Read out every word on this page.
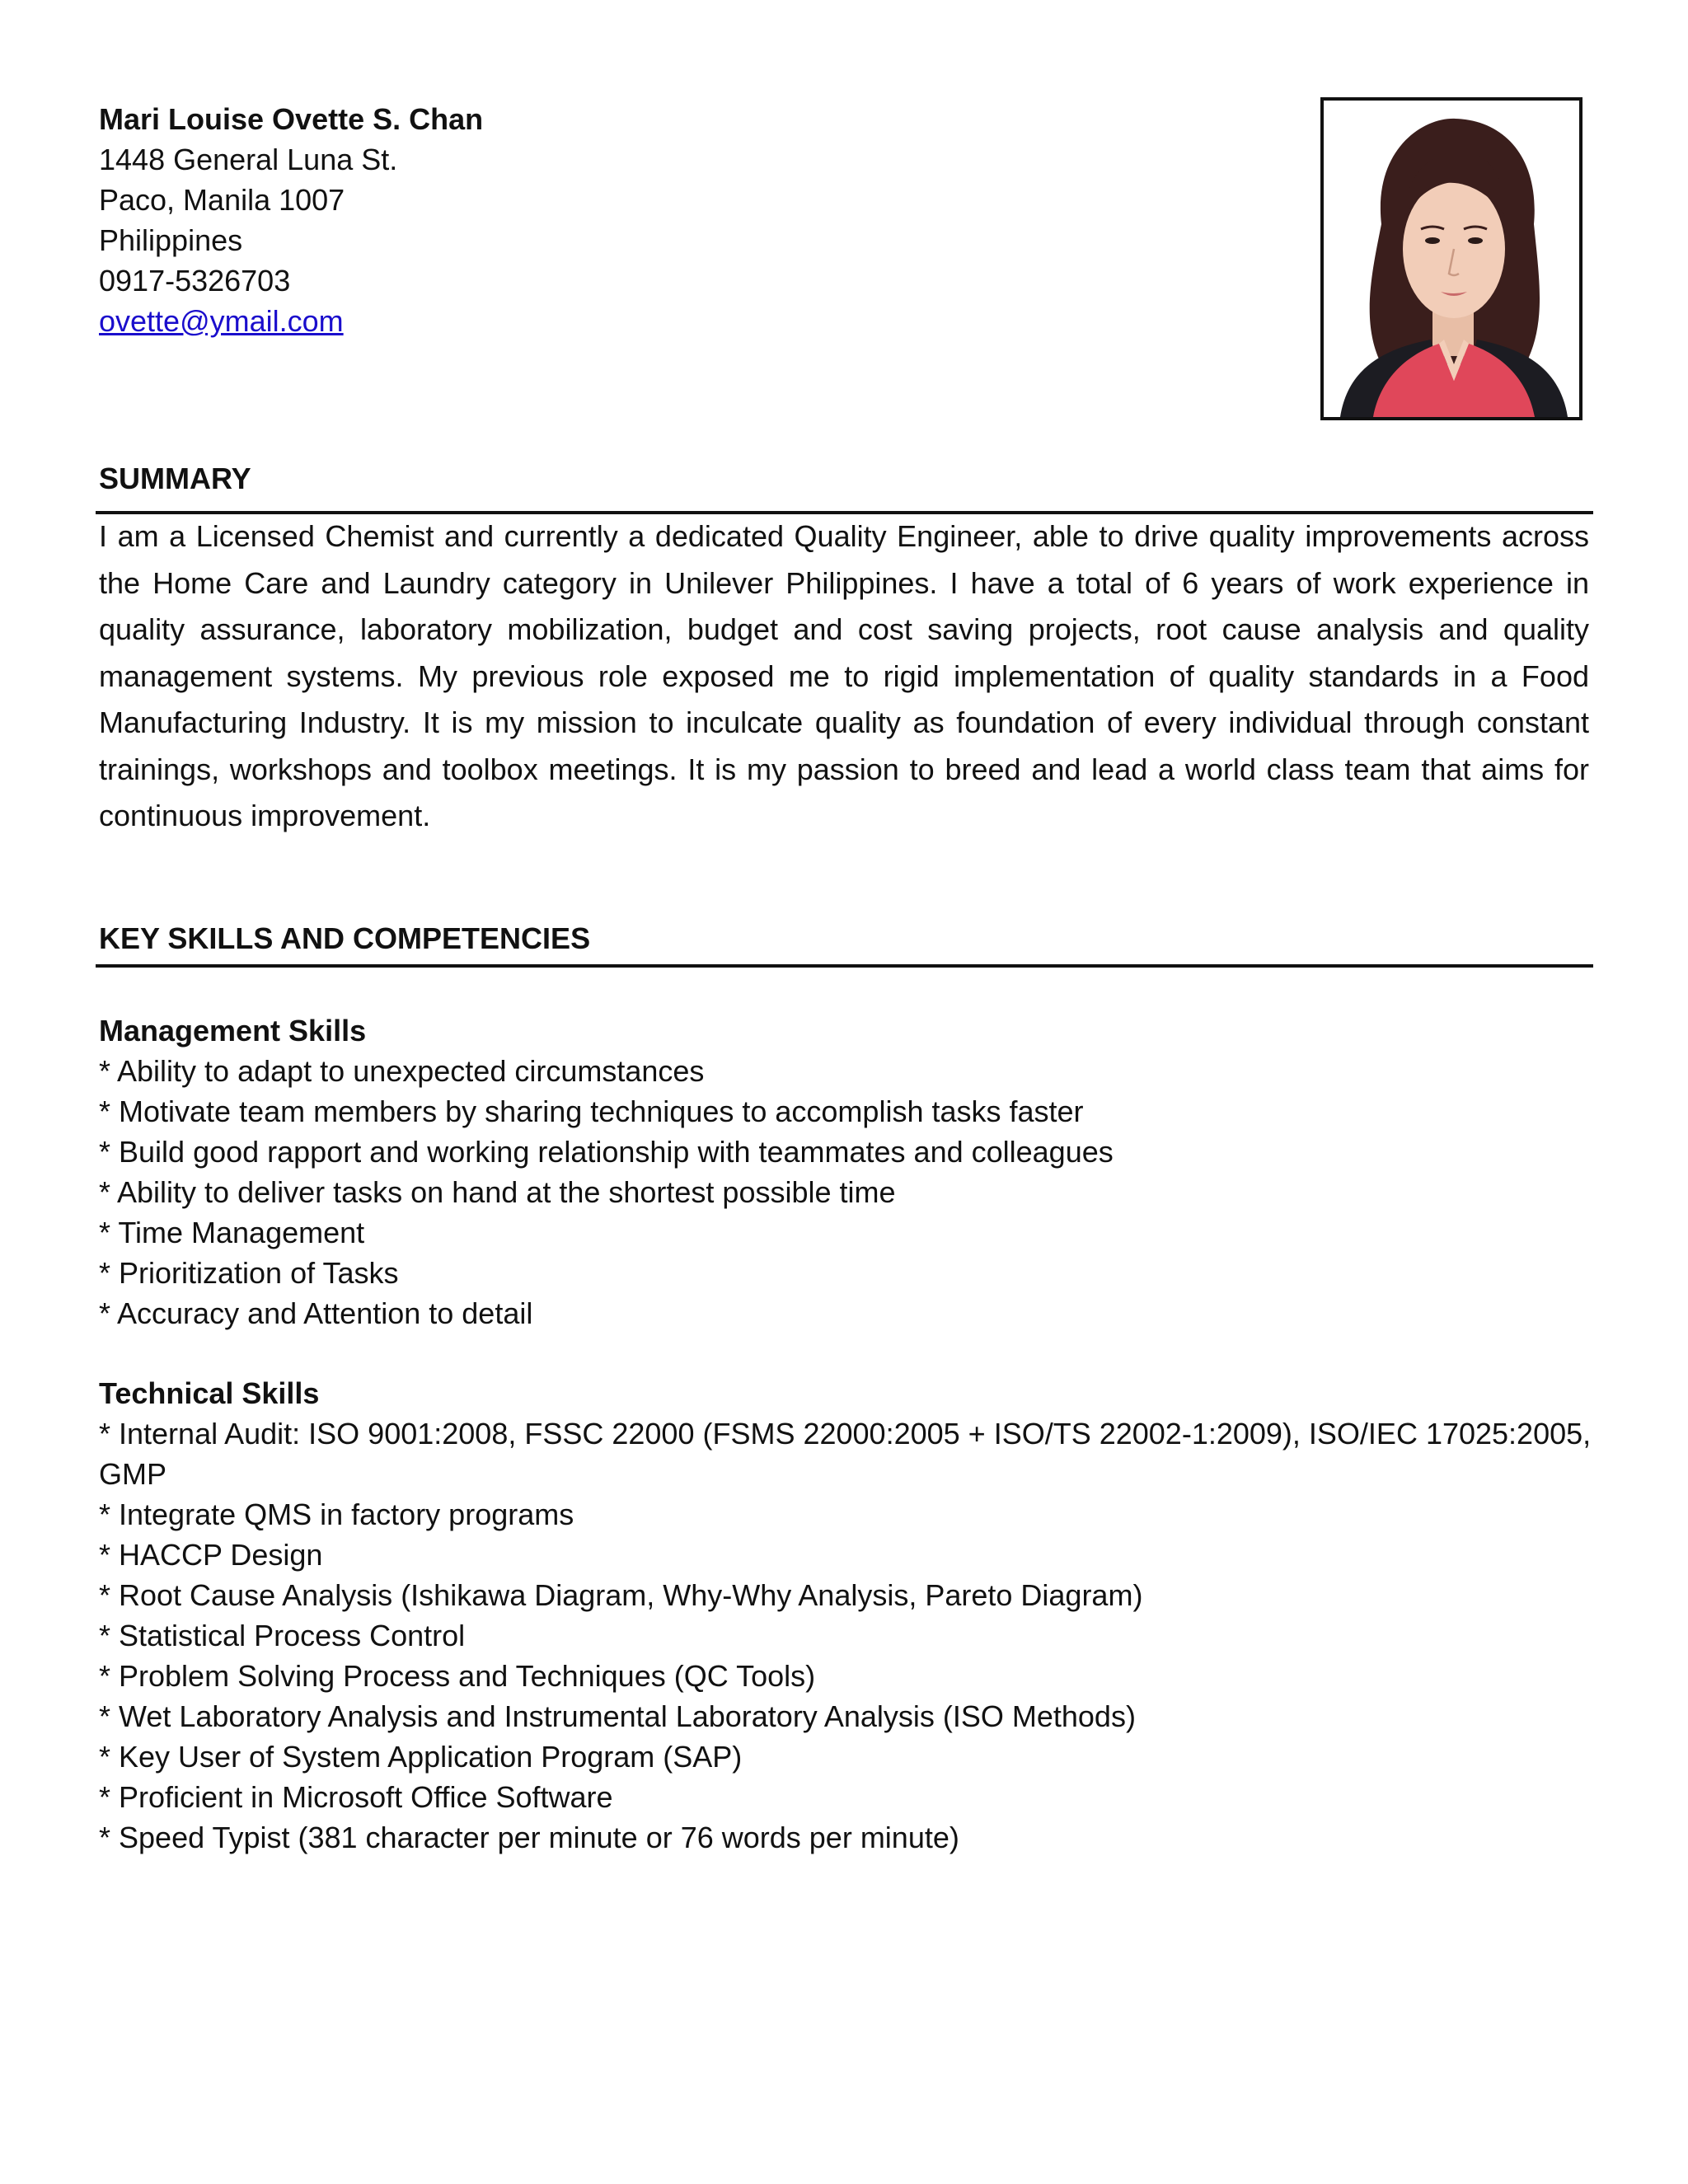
Mari Louise Ovette S. Chan
1448 General Luna St.
Paco, Manila 1007
Philippines
0917-5326703
ovette@ymail.com
SUMMARY
I am a Licensed Chemist and currently a dedicated Quality Engineer, able to drive quality improvements across the Home Care and Laundry category in Unilever Philippines. I have a total of 6 years of work experience in quality assurance, laboratory mobilization, budget and cost saving projects, root cause analysis and quality management systems. My previous role exposed me to rigid implementation of quality standards in a Food Manufacturing Industry. It is my mission to inculcate quality as foundation of every individual through constant trainings, workshops and toolbox meetings. It is my passion to breed and lead a world class team that aims for continuous improvement.
KEY SKILLS AND COMPETENCIES
Management Skills
* Ability to adapt to unexpected circumstances
* Motivate team members by sharing techniques to accomplish tasks faster
* Build good rapport and working relationship with teammates and colleagues
* Ability to deliver tasks on hand at the shortest possible time
* Time Management
* Prioritization of Tasks
* Accuracy and Attention to detail
Technical Skills
* Internal Audit: ISO 9001:2008, FSSC 22000 (FSMS 22000:2005 + ISO/TS 22002-1:2009), ISO/IEC 17025:2005, GMP
* Integrate QMS in factory programs
* HACCP Design
* Root Cause Analysis (Ishikawa Diagram, Why-Why Analysis, Pareto Diagram)
* Statistical Process Control
* Problem Solving Process and Techniques (QC Tools)
* Wet Laboratory Analysis and Instrumental Laboratory Analysis (ISO Methods)
* Key User of System Application Program (SAP)
* Proficient in Microsoft Office Software
* Speed Typist (381 character per minute or 76 words per minute)
